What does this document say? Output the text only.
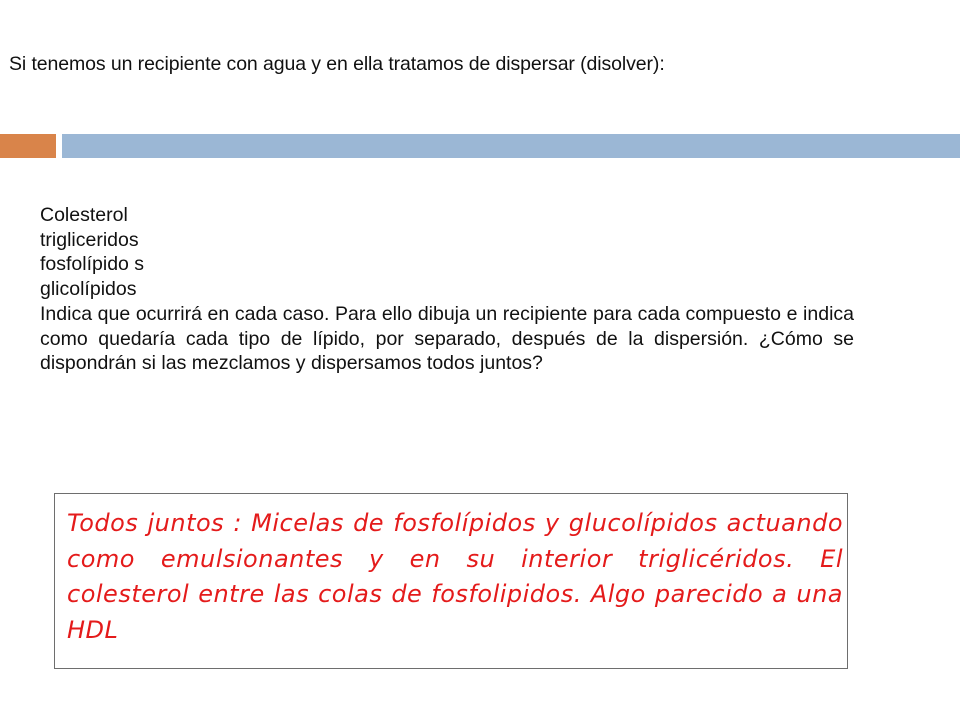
Si tenemos un recipiente con agua y en ella tratamos de dispersar (disolver):
Colesterol
trigliceridos
fosfolípido s
glicolípidos
Indica que ocurrirá en cada caso. Para ello dibuja un recipiente para cada compuesto e indica como quedaría cada tipo de lípido, por separado, después de la dispersión. ¿Cómo se dispondrán si las mezclamos y dispersamos todos juntos?
Todos juntos : Micelas de fosfolípidos y glucolípidos actuando como emulsionantes y en su interior triglicéridos. El colesterol entre las colas de fosfolipidos. Algo parecido a una HDL
